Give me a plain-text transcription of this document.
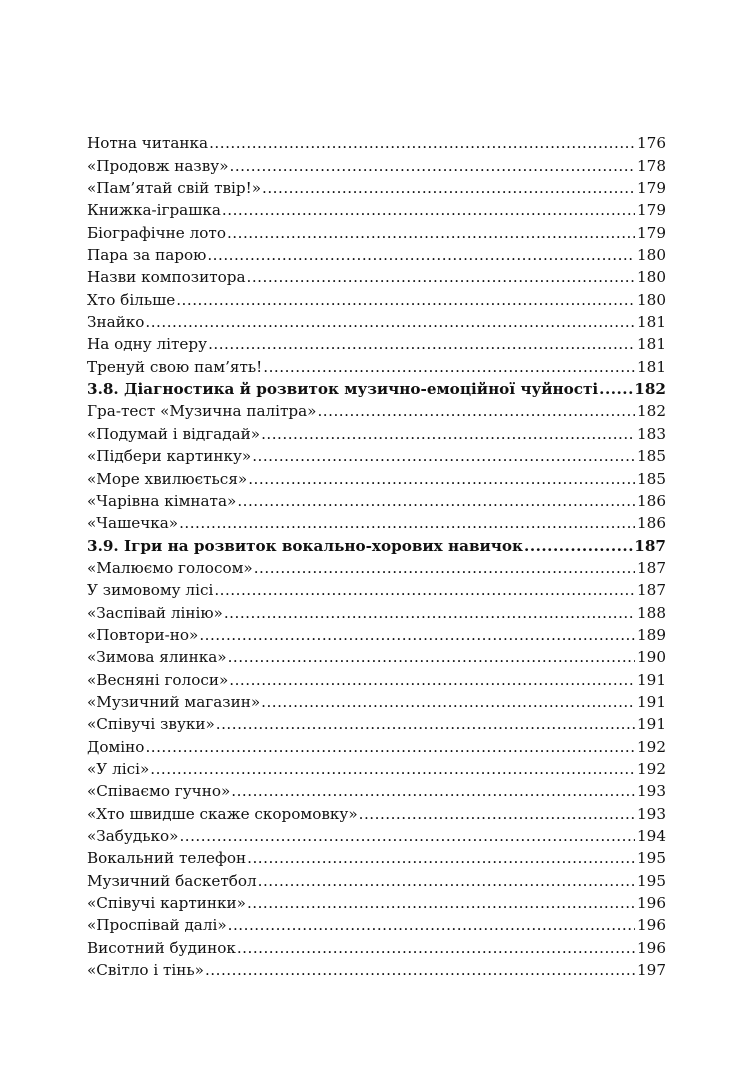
Нотна читанка .....	176
«Продовж назву» .....	178
«Пам’ятай свій твір!» .....	179
Книжка-іграшка .....	179
Біографічне лото .....	179
Пара за парою .....	180
Назви композитора .....	180
Хто більше .....	180
Знайко .....	181
На одну літеру .....	181
Тренуй свою пам’ять! .....	181
3.8. Діагностика й розвиток музично-емоційної чуйності ..... 182
Гра-тест «Музична палітра» .....	182
«Подумай і відгадай» .....	183
«Підбери картинку» .....	185
«Море хвилюється» .....	185
«Чарівна кімната» .....	186
«Чашечка» .....	186
3.9. Ігри на розвиток вокально-хорових навичок .....	187
«Малюємо голосом» .....	187
У зимовому лісі .....	187
«Заспівай лінію» .....	188
«Повтори-но» .....	189
«Зимова ялинка» .....	190
«Весняні голоси» .....	191
«Музичний магазин» .....	191
«Співучі звуки» .....	191
Доміно .....	192
«У лісі» .....	192
«Співаємо гучно» .....	193
«Хто швидше скаже скоромовку» .....	193
«Забудько» .....	194
Вокальний телефон .....	195
Музичний баскетбол .....	195
«Співучі картинки» .....	196
«Проспівай далі» .....	196
Висотний будинок .....	196
«Світло і тінь» .....	197
